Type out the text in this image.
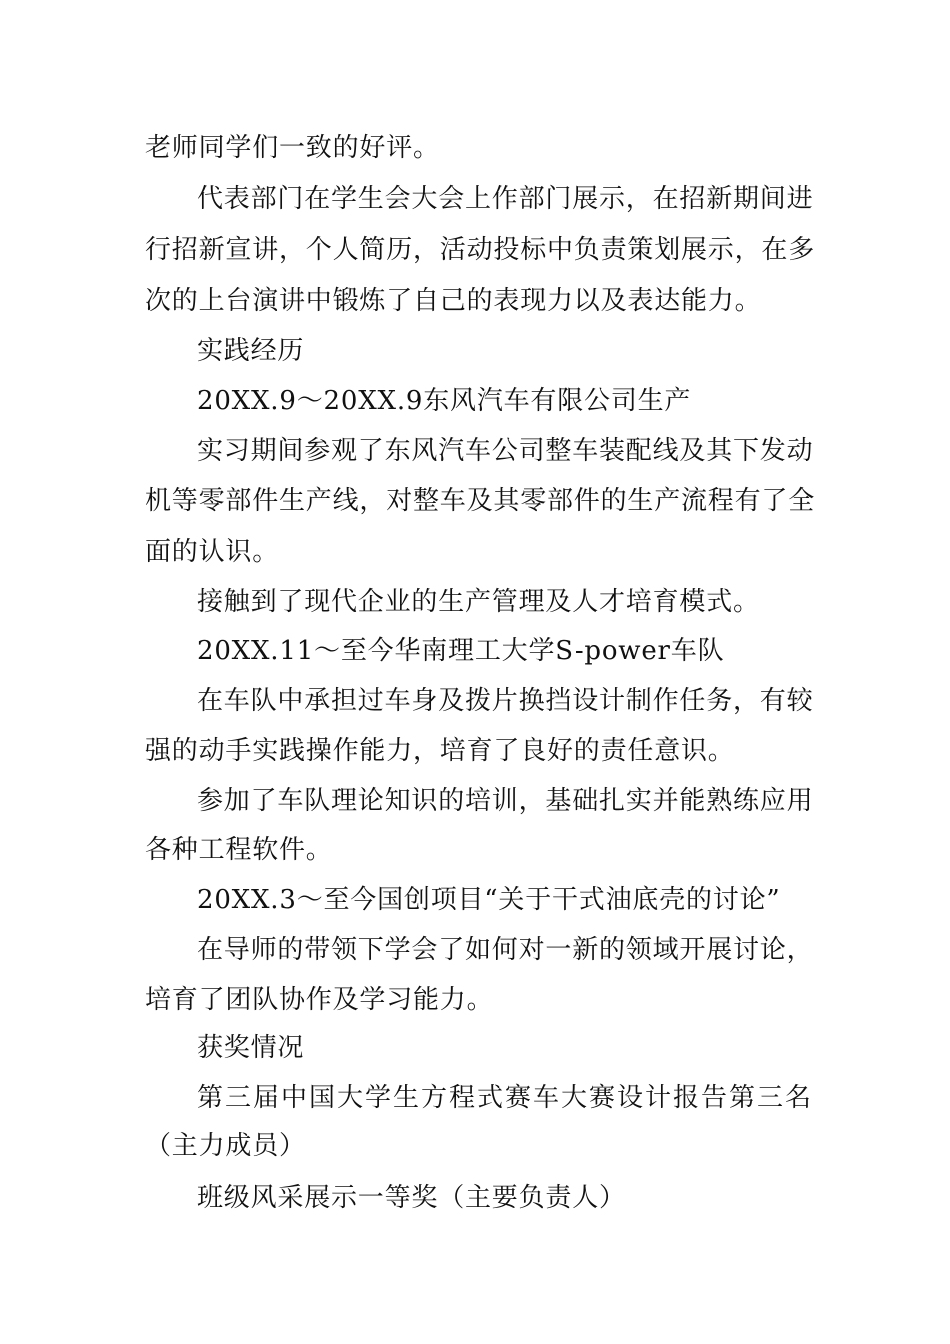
老师同学们一致的好评。
代表部门在学生会大会上作部门展示，在招新期间进
行招新宣讲，个人简历，活动投标中负责策划展示，在多
次的上台演讲中锻炼了自己的表现力以及表达能力。
实践经历
20XX.9～20XX.9东风汽车有限公司生产
实习期间参观了东风汽车公司整车装配线及其下发动
机等零部件生产线，对整车及其零部件的生产流程有了全
面的认识。
接触到了现代企业的生产管理及人才培育模式。
20XX.11～至今华南理工大学S-power车队
在车队中承担过车身及拨片换挡设计制作任务，有较
强的动手实践操作能力，培育了良好的责任意识。
参加了车队理论知识的培训，基础扎实并能熟练应用
各种工程软件。
20XX.3～至今国创项目“关于干式油底壳的讨论”
在导师的带领下学会了如何对一新的领域开展讨论，
培育了团队协作及学习能力。
获奖情况
第三届中国大学生方程式赛车大赛设计报告第三名
（主力成员）
班级风采展示一等奖（主要负责人）
